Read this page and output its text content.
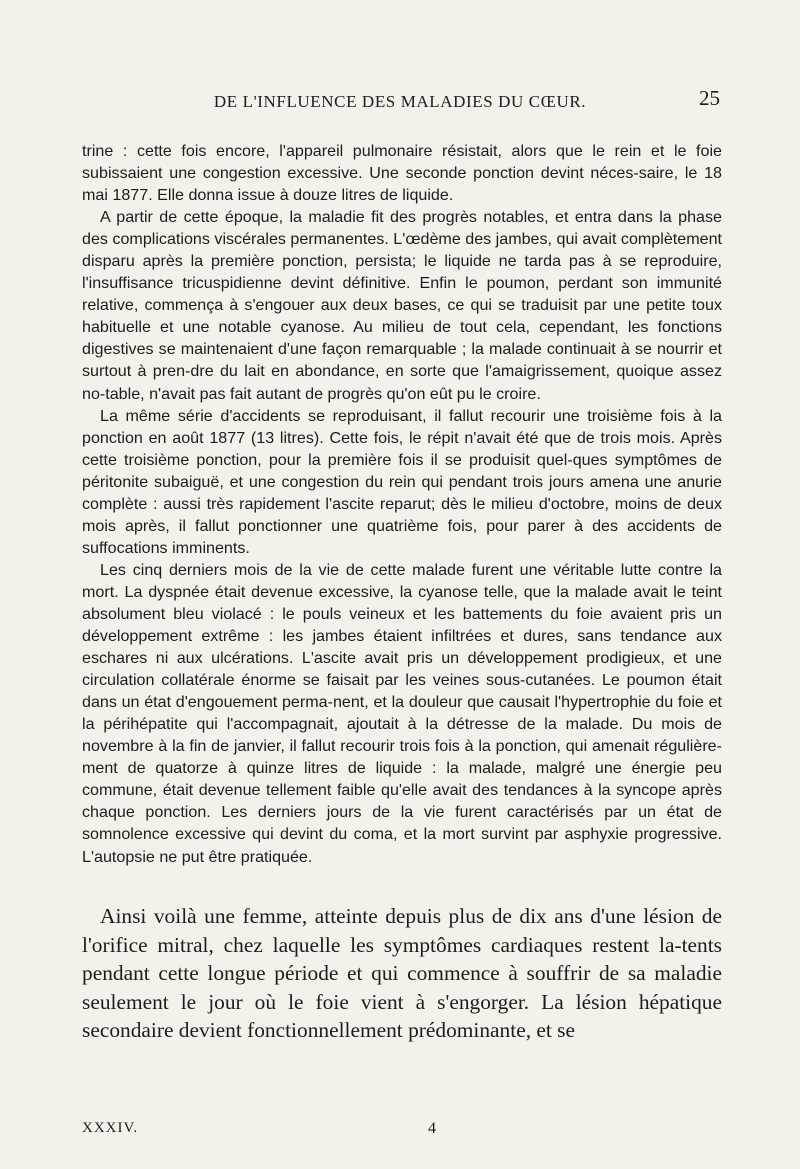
DE L'INFLUENCE DES MALADIES DU CŒUR.	25

trine : cette fois encore, l'appareil pulmonaire résistait, alors que le rein et le foie subissaient une congestion excessive. Une seconde ponction devint néces-saire, le 18 mai 1877. Elle donna issue à douze litres de liquide.

A partir de cette époque, la maladie fit des progrès notables, et entra dans la phase des complications viscérales permanentes. L'œdème des jambes, qui avait complètement disparu après la première ponction, persista; le liquide ne tarda pas à se reproduire, l'insuffisance tricuspidienne devint définitive. Enfin le poumon, perdant son immunité relative, commença à s'engouer aux deux bases, ce qui se traduisit par une petite toux habituelle et une notable cyanose. Au milieu de tout cela, cependant, les fonctions digestives se maintenaient d'une façon remarquable ; la malade continuait à se nourrir et surtout à pren-dre du lait en abondance, en sorte que l'amaigrissement, quoique assez no-table, n'avait pas fait autant de progrès qu'on eût pu le croire.

La même série d'accidents se reproduisant, il fallut recourir une troisième fois à la ponction en août 1877 (13 litres). Cette fois, le répit n'avait été que de trois mois. Après cette troisième ponction, pour la première fois il se produisit quel-ques symptômes de péritonite subaiguë, et une congestion du rein qui pendant trois jours amena une anurie complète : aussi très rapidement l'ascite reparut; dès le milieu d'octobre, moins de deux mois après, il fallut ponctionner une quatrième fois, pour parer à des accidents de suffocations imminents.

Les cinq derniers mois de la vie de cette malade furent une véritable lutte contre la mort. La dyspnée était devenue excessive, la cyanose telle, que la malade avait le teint absolument bleu violacé : le pouls veineux et les battements du foie avaient pris un développement extrême : les jambes étaient infiltrées et dures, sans tendance aux eschares ni aux ulcérations. L'ascite avait pris un développement prodigieux, et une circulation collatérale énorme se faisait par les veines sous-cutanées. Le poumon était dans un état d'engouement perma-nent, et la douleur que causait l'hypertrophie du foie et la périhépatite qui l'accompagnait, ajoutait à la détresse de la malade. Du mois de novembre à la fin de janvier, il fallut recourir trois fois à la ponction, qui amenait régulière-ment de quatorze à quinze litres de liquide : la malade, malgré une énergie peu commune, était devenue tellement faible qu'elle avait des tendances à la syncope après chaque ponction. Les derniers jours de la vie furent caractérisés par un état de somnolence excessive qui devint du coma, et la mort survint par asphyxie progressive. L'autopsie ne put être pratiquée.

Ainsi voilà une femme, atteinte depuis plus de dix ans d'une lésion de l'orifice mitral, chez laquelle les symptômes cardiaques restent la-tents pendant cette longue période et qui commence à souffrir de sa maladie seulement le jour où le foie vient à s'engorger. La lésion hépatique secondaire devient fonctionnellement prédominante, et se

XXXIV.	4
